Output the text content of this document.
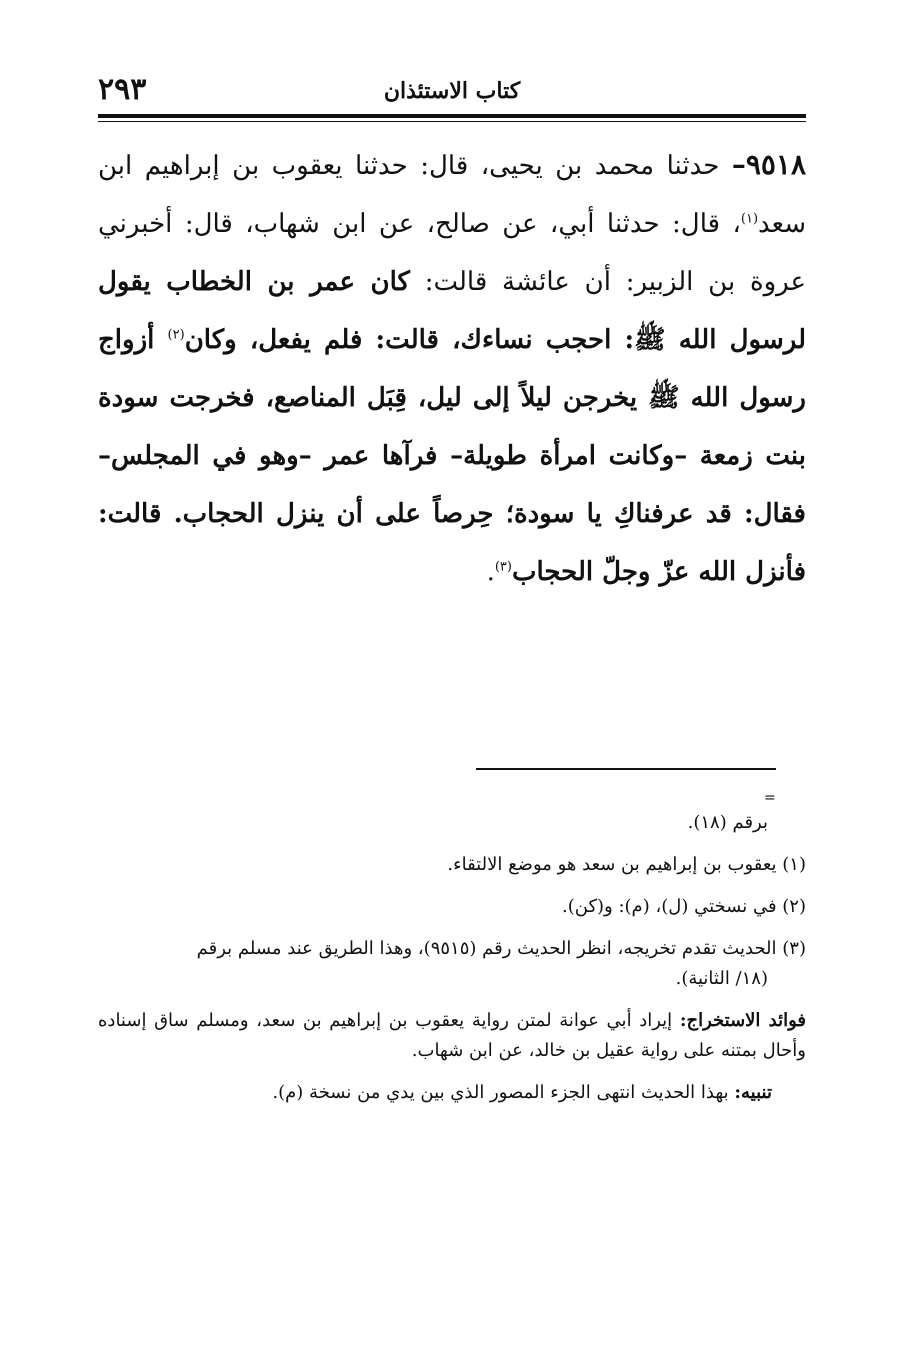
كتاب الاستئذان
٢٩٣
٩٥١٨– حدثنا محمد بن يحيى، قال: حدثنا يعقوب بن إبراهيم ابن سعد$^{(١)}$، قال: حدثنا أبي، عن صالح، عن ابن شهاب، قال: أخبرني عروة بن الزبير: أن عائشة قالت: كان عمر بن الخطاب يقول لرسول الله ﷺ: احجب نساءك، قالت: فلم يفعل، وكان$^{(٢)}$ أزواج رسول الله ﷺ يخرجن ليلاً إلى ليل، قِبَل المناصع، فخرجت سودة بنت زمعة –وكانت امرأة طويلة– فرآها عمر –وهو في المجلس– فقال: قد عرفناكِ يا سودة؛ حِرصاً على أن ينزل الحجاب. قالت: فأنزل الله عزّ وجلّ الحجاب$^{(٣)}$.
=
برقم (١٨).
(١) يعقوب بن إبراهيم بن سعد هو موضع الالتقاء.
(٢) في نسختي (ل)، (م): و(كن).
(٣) الحديث تقدم تخريجه، انظر الحديث رقم (٩٥١٥)، وهذا الطريق عند مسلم برقم
(١٨/ الثانية).
فوائد الاستخراج: إيراد أبي عوانة لمتن رواية يعقوب بن إبراهيم بن سعد، ومسلم ساق إسناده وأحال بمتنه على رواية عقيل بن خالد، عن ابن شهاب.
تنبيه: بهذا الحديث انتهى الجزء المصور الذي بين يدي من نسخة (م).
